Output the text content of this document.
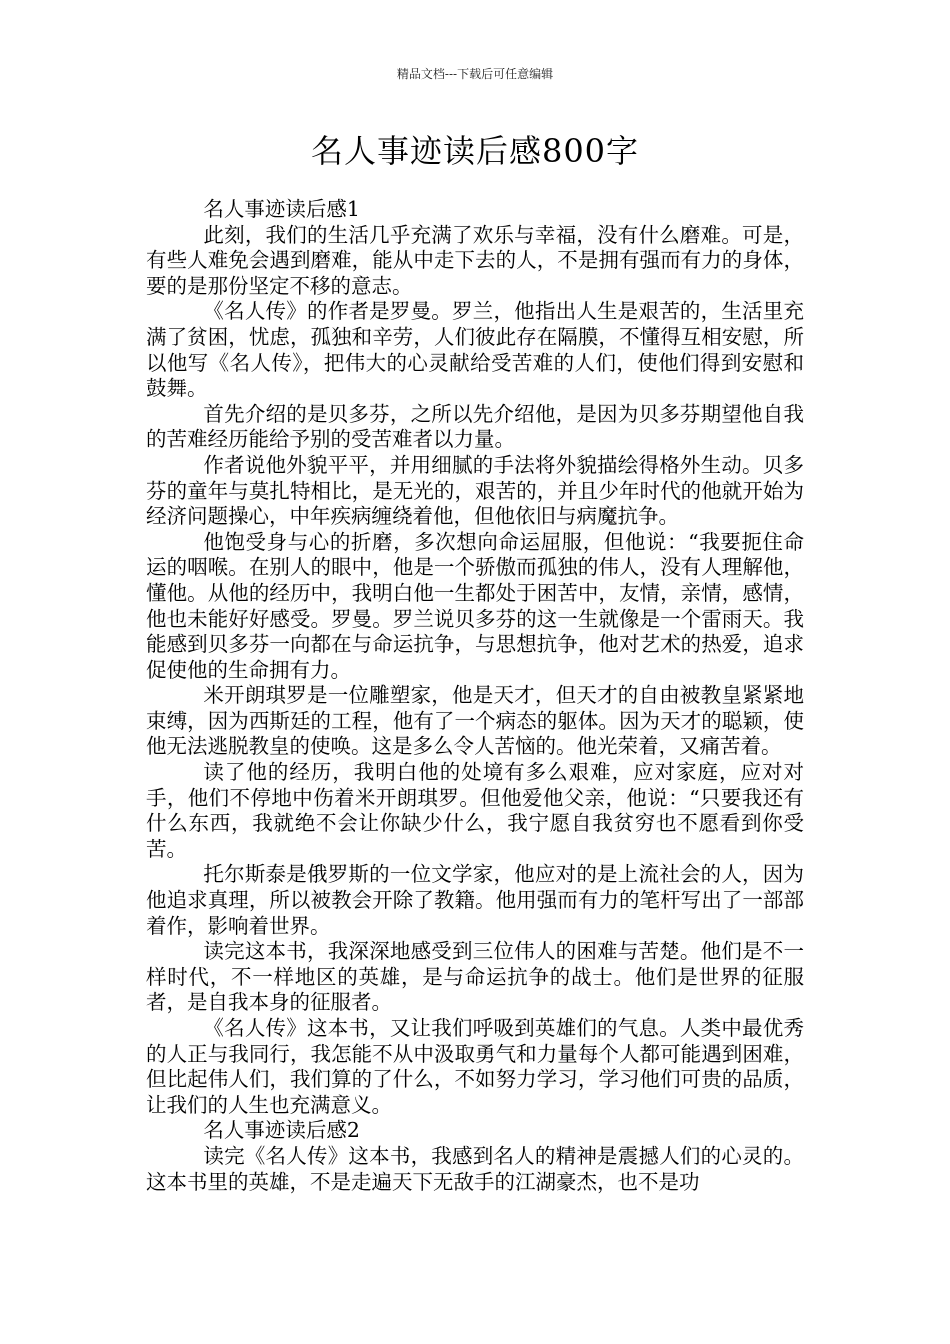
精品文档---下载后可任意编辑
名人事迹读后感800字

名人事迹读后感1

此刻，我们的生活几乎充满了欢乐与幸福，没有什么磨难。可是，有些人难免会遇到磨难，能从中走下去的人，不是拥有强而有力的身体，要的是那份坚定不移的意志。

《名人传》的作者是罗曼。罗兰，他指出人生是艰苦的，生活里充满了贫困，忧虑，孤独和辛劳，人们彼此存在隔膜，不懂得互相安慰，所以他写《名人传》，把伟大的心灵献给受苦难的人们，使他们得到安慰和鼓舞。

首先介绍的是贝多芬，之所以先介绍他，是因为贝多芬期望他自我的苦难经历能给予别的受苦难者以力量。

作者说他外貌平平，并用细腻的手法将外貌描绘得格外生动。贝多芬的童年与莫扎特相比，是无光的，艰苦的，并且少年时代的他就开始为经济问题操心，中年疾病缠绕着他，但他依旧与病魔抗争。

他饱受身与心的折磨，多次想向命运屈服，但他说：“我要扼住命运的咽喉。在别人的眼中，他是一个骄傲而孤独的伟人，没有人理解他，懂他。从他的经历中，我明白他一生都处于困苦中，友情，亲情，感情，他也未能好好感受。罗曼。罗兰说贝多芬的这一生就像是一个雷雨天。我能感到贝多芬一向都在与命运抗争，与思想抗争，他对艺术的热爱，追求促使他的生命拥有力。

米开朗琪罗是一位雕塑家，他是天才，但天才的自由被教皇紧紧地束缚，因为西斯廷的工程，他有了一个病态的躯体。因为天才的聪颖，使他无法逃脱教皇的使唤。这是多么令人苦恼的。他光荣着，又痛苦着。

读了他的经历，我明白他的处境有多么艰难，应对家庭，应对对手，他们不停地中伤着米开朗琪罗。但他爱他父亲，他说：“只要我还有什么东西，我就绝不会让你缺少什么，我宁愿自我贫穷也不愿看到你受苦。

托尔斯泰是俄罗斯的一位文学家，他应对的是上流社会的人，因为他追求真理，所以被教会开除了教籍。他用强而有力的笔杆写出了一部部着作，影响着世界。

读完这本书，我深深地感受到三位伟人的困难与苦楚。他们是不一样时代，不一样地区的英雄，是与命运抗争的战士。他们是世界的征服者，是自我本身的征服者。

《名人传》这本书，又让我们呼吸到英雄们的气息。人类中最优秀的人正与我同行，我怎能不从中汲取勇气和力量每个人都可能遇到困难，但比起伟人们，我们算的了什么，不如努力学习，学习他们可贵的品质，让我们的人生也充满意义。

名人事迹读后感2

读完《名人传》这本书，我感到名人的精神是震撼人们的心灵的。这本书里的英雄，不是走遍天下无敌手的江湖豪杰，也不是功
